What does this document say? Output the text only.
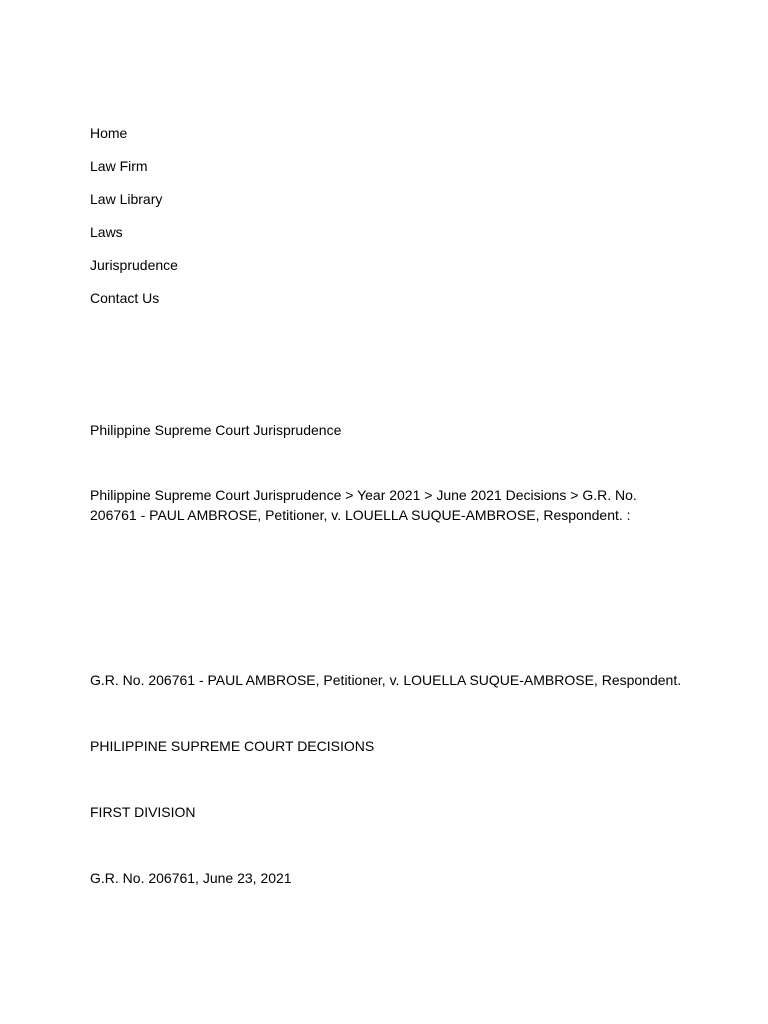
Home
Law Firm
Law Library
Laws
Jurisprudence
Contact Us

Philippine Supreme Court Jurisprudence

Philippine Supreme Court Jurisprudence > Year 2021 > June 2021 Decisions > G.R. No. 206761 - PAUL AMBROSE, Petitioner, v. LOUELLA SUQUE-AMBROSE, Respondent. :

G.R. No. 206761 - PAUL AMBROSE, Petitioner, v. LOUELLA SUQUE-AMBROSE, Respondent.

PHILIPPINE SUPREME COURT DECISIONS

FIRST DIVISION

G.R. No. 206761, June 23, 2021
